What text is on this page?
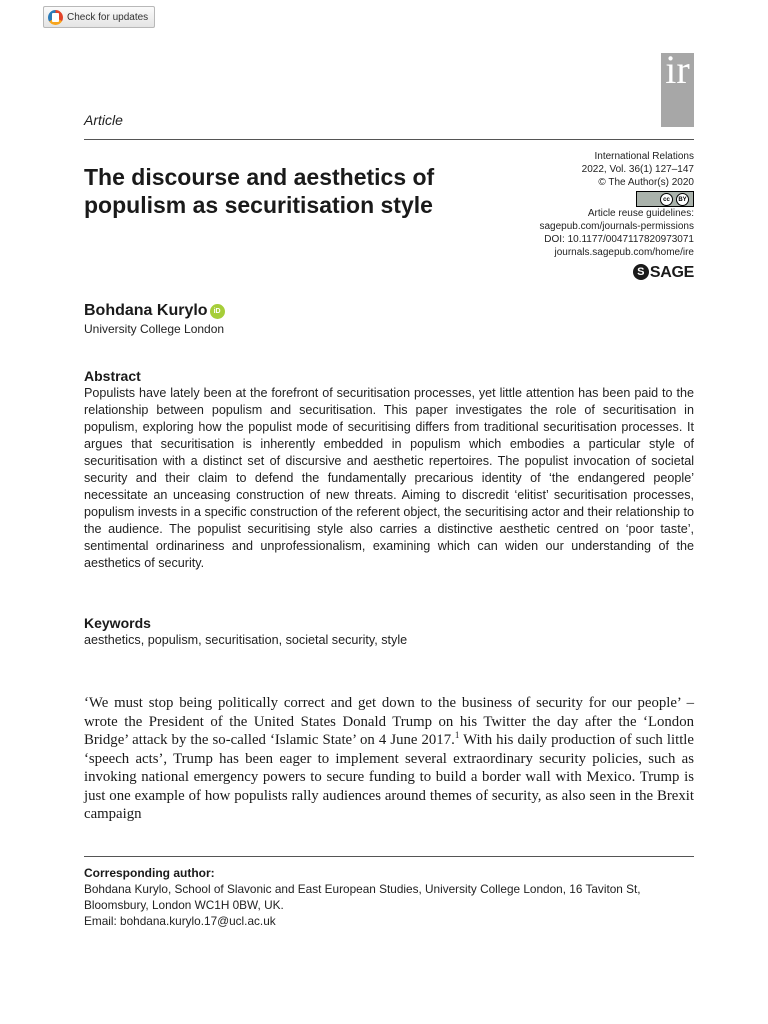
Check for updates
ir
Article
The discourse and aesthetics of populism as securitisation style
International Relations
2022, Vol. 36(1) 127–147
© The Author(s) 2020
cc	BY
Article reuse guidelines:
sagepub.com/journals-permissions
DOI: 10.1177/0047117820973071
journals.sagepub.com/home/ire
S SAGE
Bohdana Kurylo iD
University College London
Abstract

Populists have lately been at the forefront of securitisation processes, yet little attention has been paid to the relationship between populism and securitisation. This paper investigates the role of securitisation in populism, exploring how the populist mode of securitising differs from traditional securitisation processes. It argues that securitisation is inherently embedded in populism which embodies a particular style of securitisation with a distinct set of discursive and aesthetic repertoires. The populist invocation of societal security and their claim to defend the fundamentally precarious identity of ‘the endangered people’ necessitate an unceasing construction of new threats. Aiming to discredit ‘elitist’ securitisation processes, populism invests in a specific construction of the referent object, the securitising actor and their relationship to the audience. The populist securitising style also carries a distinctive aesthetic centred on ‘poor taste’, sentimental ordinariness and unprofessionalism, examining which can widen our understanding of the aesthetics of security.

Keywords
aesthetics, populism, securitisation, societal security, style

‘We must stop being politically correct and get down to the business of security for our people’ – wrote the President of the United States Donald Trump on his Twitter the day after the ‘London Bridge’ attack by the so-called ‘Islamic State’ on 4 June 2017.$^1$ With his daily production of such little ‘speech acts’, Trump has been eager to implement several extraordinary security policies, such as invoking national emergency powers to secure funding to build a border wall with Mexico. Trump is just one example of how populists rally audiences around themes of security, as also seen in the Brexit campaign

Corresponding author:
Bohdana Kurylo, School of Slavonic and East European Studies, University College London, 16 Taviton St, Bloomsbury, London WC1H 0BW, UK.
Email: bohdana.kurylo.17@ucl.ac.uk
